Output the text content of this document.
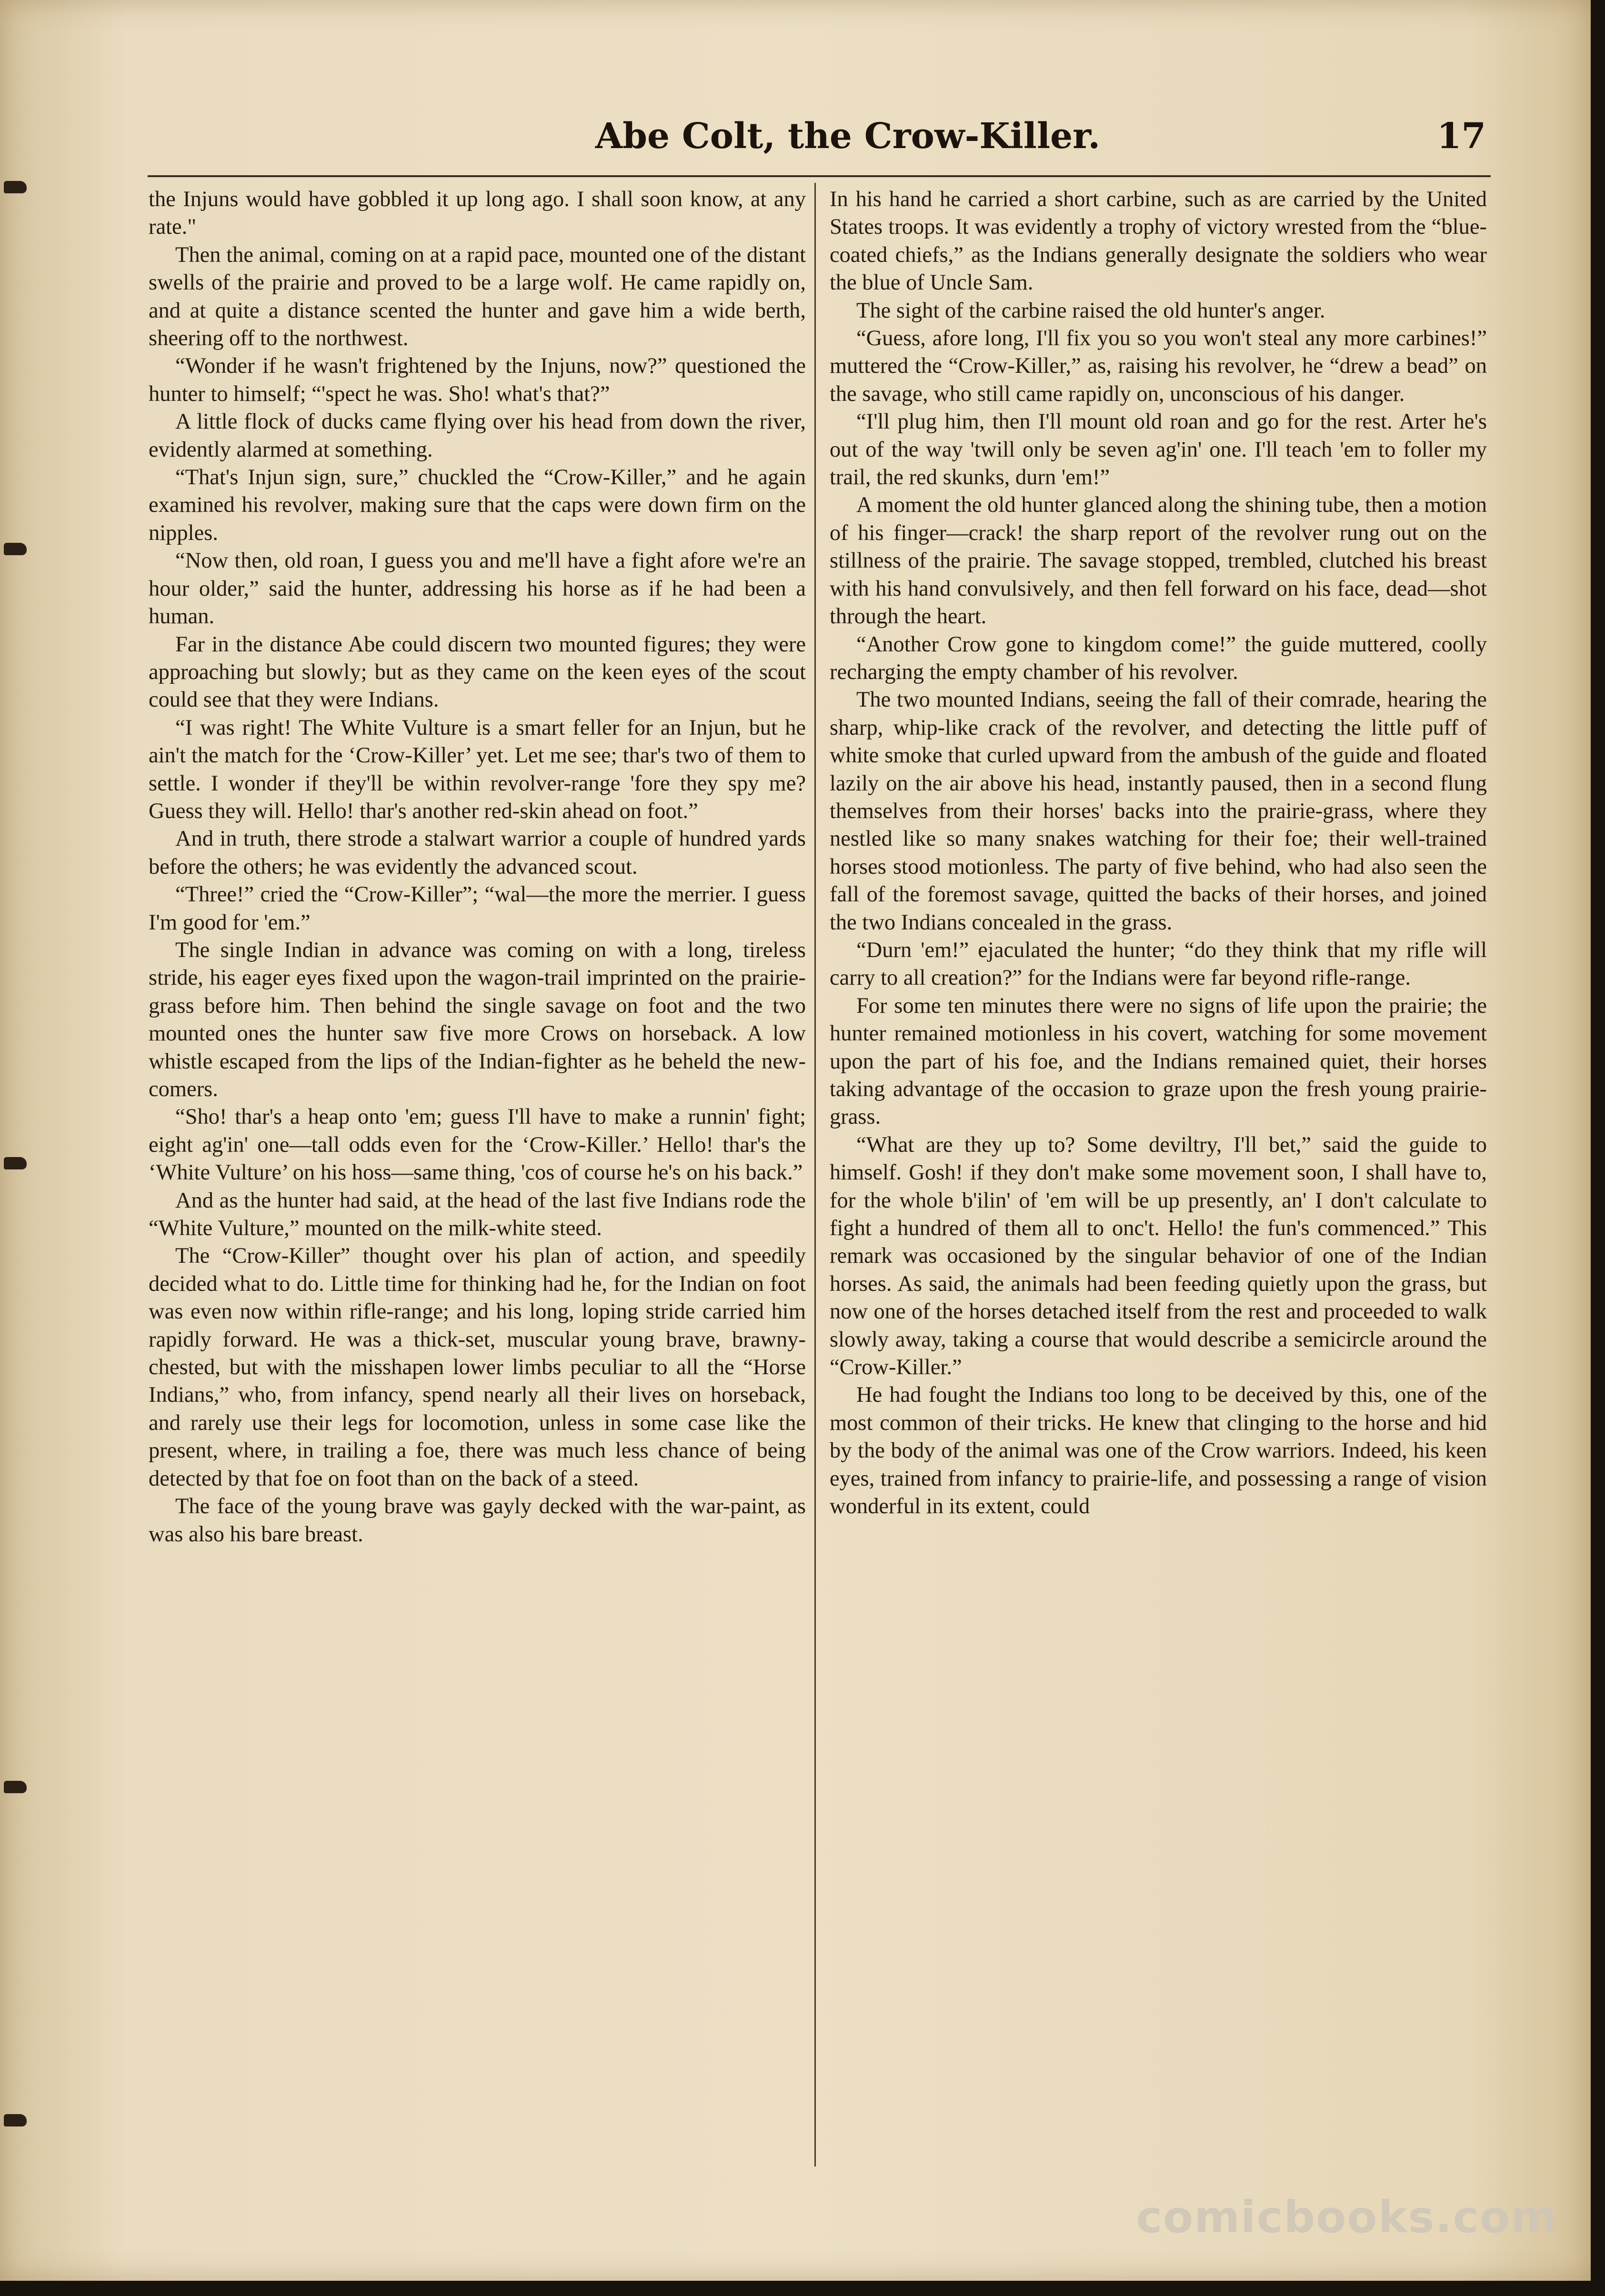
Abe Colt, the Crow-Killer.	17

the Injuns would have gobbled it up long ago. I shall soon know, at any rate."

Then the animal, coming on at a rapid pace, mounted one of the distant swells of the prairie and proved to be a large wolf. He came rapidly on, and at quite a distance scented the hunter and gave him a wide berth, sheering off to the northwest.

“Wonder if he wasn't frightened by the Injuns, now?” questioned the hunter to himself; “'spect he was. Sho! what's that?”

A little flock of ducks came flying over his head from down the river, evidently alarmed at something.

“That's Injun sign, sure,” chuckled the “Crow-Killer,” and he again examined his revolver, making sure that the caps were down firm on the nipples.

“Now then, old roan, I guess you and me'll have a fight afore we're an hour older,” said the hunter, addressing his horse as if he had been a human.

Far in the distance Abe could discern two mounted figures; they were approaching but slowly; but as they came on the keen eyes of the scout could see that they were Indians.

“I was right! The White Vulture is a smart feller for an Injun, but he ain't the match for the ‘Crow-Killer’ yet. Let me see; thar's two of them to settle. I wonder if they'll be within revolver-range 'fore they spy me? Guess they will. Hello! thar's another red-skin ahead on foot.”

And in truth, there strode a stalwart warrior a couple of hundred yards before the others; he was evidently the advanced scout.

“Three!” cried the “Crow-Killer”; “wal—the more the merrier. I guess I'm good for 'em.”

The single Indian in advance was coming on with a long, tireless stride, his eager eyes fixed upon the wagon-trail imprinted on the prairie-grass before him. Then behind the single savage on foot and the two mounted ones the hunter saw five more Crows on horseback. A low whistle escaped from the lips of the Indian-fighter as he beheld the new-comers.

“Sho! thar's a heap onto 'em; guess I'll have to make a runnin' fight; eight ag'in' one—tall odds even for the ‘Crow-Killer.’ Hello! thar's the ‘White Vulture’ on his hoss—same thing, 'cos of course he's on his back.”

And as the hunter had said, at the head of the last five Indians rode the “White Vulture,” mounted on the milk-white steed.

The “Crow-Killer” thought over his plan of action, and speedily decided what to do. Little time for thinking had he, for the Indian on foot was even now within rifle-range; and his long, loping stride carried him rapidly forward. He was a thick-set, muscular young brave, brawny-chested, but with the misshapen lower limbs peculiar to all the “Horse Indians,” who, from infancy, spend nearly all their lives on horseback, and rarely use their legs for locomotion, unless in some case like the present, where, in trailing a foe, there was much less chance of being detected by that foe on foot than on the back of a steed.

The face of the young brave was gayly decked with the war-paint, as was also his bare breast.

In his hand he carried a short carbine, such as are carried by the United States troops. It was evidently a trophy of victory wrested from the “blue-coated chiefs,” as the Indians generally designate the soldiers who wear the blue of Uncle Sam.

The sight of the carbine raised the old hunter's anger.

“Guess, afore long, I'll fix you so you won't steal any more carbines!” muttered the “Crow-Killer,” as, raising his revolver, he “drew a bead” on the savage, who still came rapidly on, unconscious of his danger.

“I'll plug him, then I'll mount old roan and go for the rest. Arter he's out of the way 'twill only be seven ag'in' one. I'll teach 'em to foller my trail, the red skunks, durn 'em!”

A moment the old hunter glanced along the shining tube, then a motion of his finger—crack! the sharp report of the revolver rung out on the stillness of the prairie. The savage stopped, trembled, clutched his breast with his hand convulsively, and then fell forward on his face, dead—shot through the heart.

“Another Crow gone to kingdom come!” the guide muttered, coolly recharging the empty chamber of his revolver.

The two mounted Indians, seeing the fall of their comrade, hearing the sharp, whip-like crack of the revolver, and detecting the little puff of white smoke that curled upward from the ambush of the guide and floated lazily on the air above his head, instantly paused, then in a second flung themselves from their horses' backs into the prairie-grass, where they nestled like so many snakes watching for their foe; their well-trained horses stood motionless. The party of five behind, who had also seen the fall of the foremost savage, quitted the backs of their horses, and joined the two Indians concealed in the grass.

“Durn 'em!” ejaculated the hunter; “do they think that my rifle will carry to all creation?” for the Indians were far beyond rifle-range.

For some ten minutes there were no signs of life upon the prairie; the hunter remained motionless in his covert, watching for some movement upon the part of his foe, and the Indians remained quiet, their horses taking advantage of the occasion to graze upon the fresh young prairie-grass.

“What are they up to? Some deviltry, I'll bet,” said the guide to himself. Gosh! if they don't make some movement soon, I shall have to, for the whole b'ilin' of 'em will be up presently, an' I don't calculate to fight a hundred of them all to onc't. Hello! the fun's commenced.” This remark was occasioned by the singular behavior of one of the Indian horses. As said, the animals had been feeding quietly upon the grass, but now one of the horses detached itself from the rest and proceeded to walk slowly away, taking a course that would describe a semicircle around the “Crow-Killer.”

He had fought the Indians too long to be deceived by this, one of the most common of their tricks. He knew that clinging to the horse and hid by the body of the animal was one of the Crow warriors. Indeed, his keen eyes, trained from infancy to prairie-life, and possessing a range of vision wonderful in its extent, could

comicbooks.com
